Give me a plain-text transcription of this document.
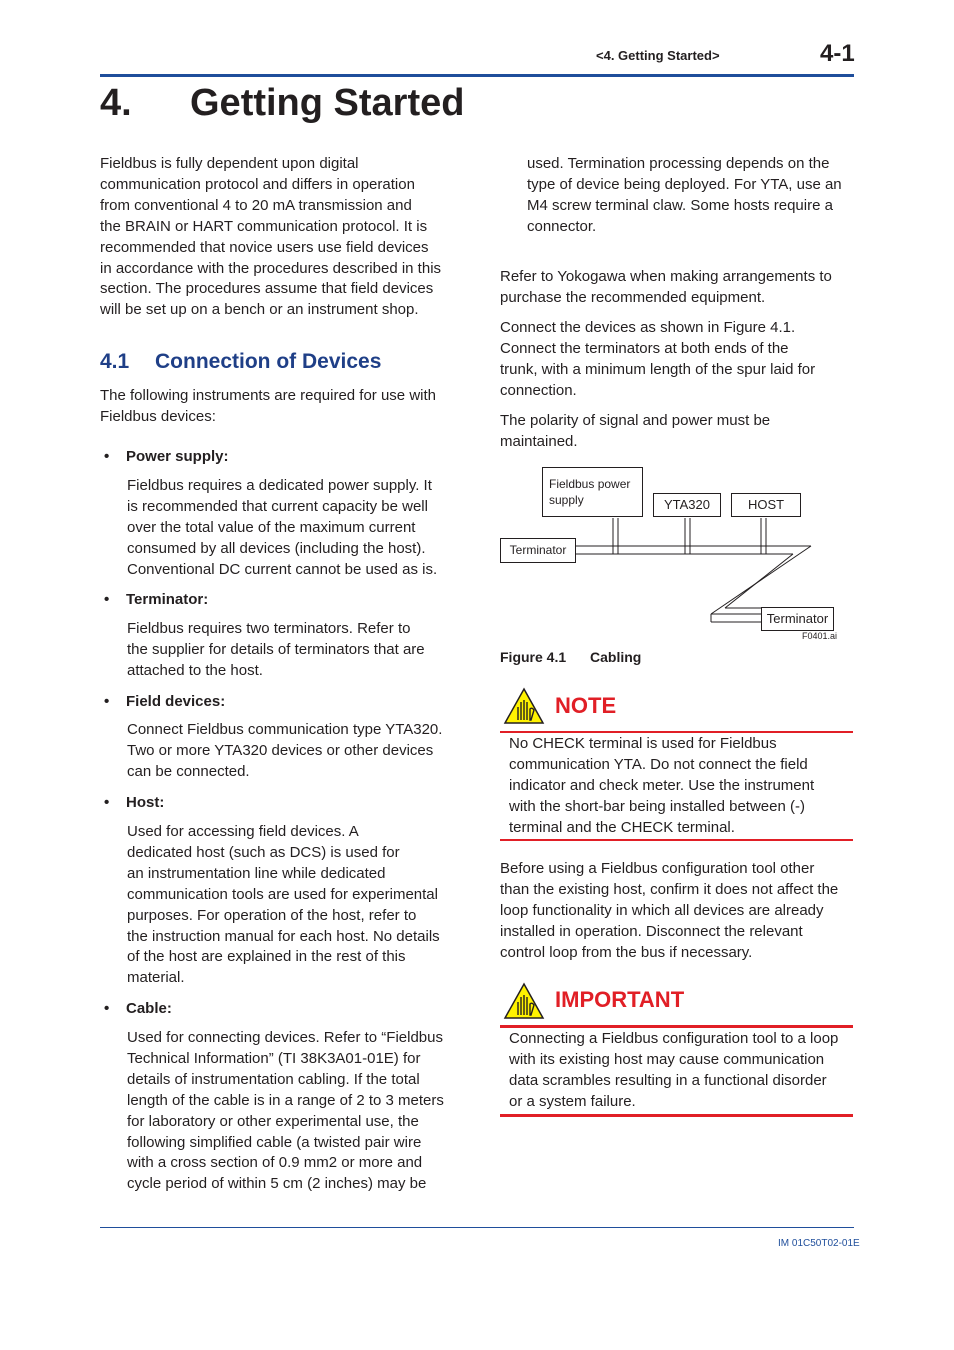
<4. Getting Started>	4-1
4. Getting Started
Fieldbus is fully dependent upon digital
communication protocol and differs in operation
from conventional 4 to 20 mA transmission and
the BRAIN or HART communication protocol. It is
recommended that novice users use field devices
in accordance with the procedures described in this
section. The procedures assume that field devices
will be set up on a bench or an instrument shop.
4.1 Connection of Devices
The following instruments are required for use with
Fieldbus devices:
• Power supply:
Fieldbus requires a dedicated power supply. It
is recommended that current capacity be well
over the total value of the maximum current
consumed by all devices (including the host).
Conventional DC current cannot be used as is.
• Terminator:
Fieldbus requires two terminators. Refer to
the supplier for details of terminators that are
attached to the host.
• Field devices:
Connect Fieldbus communication type YTA320.
Two or more YTA320 devices or other devices
can be connected.
• Host:
Used for accessing field devices. A
dedicated host (such as DCS) is used for
an instrumentation line while dedicated
communication tools are used for experimental
purposes. For operation of the host, refer to
the instruction manual for each host. No details
of the host are explained in the rest of this
material.
• Cable:
Used for connecting devices. Refer to “Fieldbus
Technical Information” (TI 38K3A01-01E) for
details of instrumentation cabling. If the total
length of the cable is in a range of 2 to 3 meters
for laboratory or other experimental use, the
following simplified cable (a twisted pair wire
with a cross section of 0.9 mm2 or more and
cycle period of within 5 cm (2 inches) may be
used. Termination processing depends on the
type of device being deployed. For YTA, use an
M4 screw terminal claw. Some hosts require a
connector.
Refer to Yokogawa when making arrangements to
purchase the recommended equipment.
Connect the devices as shown in Figure 4.1.
Connect the terminators at both ends of the
trunk, with a minimum length of the spur laid for
connection.
The polarity of signal and power must be
maintained.
Fieldbus power
supply	YTA320	HOST
Terminator
Terminator
F0401.ai
Figure 4.1 Cabling
NOTE
No CHECK terminal is used for Fieldbus
communication YTA. Do not connect the field
indicator and check meter. Use the instrument
with the short-bar being installed between (-)
terminal and the CHECK terminal.
Before using a Fieldbus configuration tool other
than the existing host, confirm it does not affect the
loop functionality in which all devices are already
installed in operation. Disconnect the relevant
control loop from the bus if necessary.
IMPORTANT
Connecting a Fieldbus configuration tool to a loop
with its existing host may cause communication
data scrambles resulting in a functional disorder
or a system failure.
IM 01C50T02-01E
